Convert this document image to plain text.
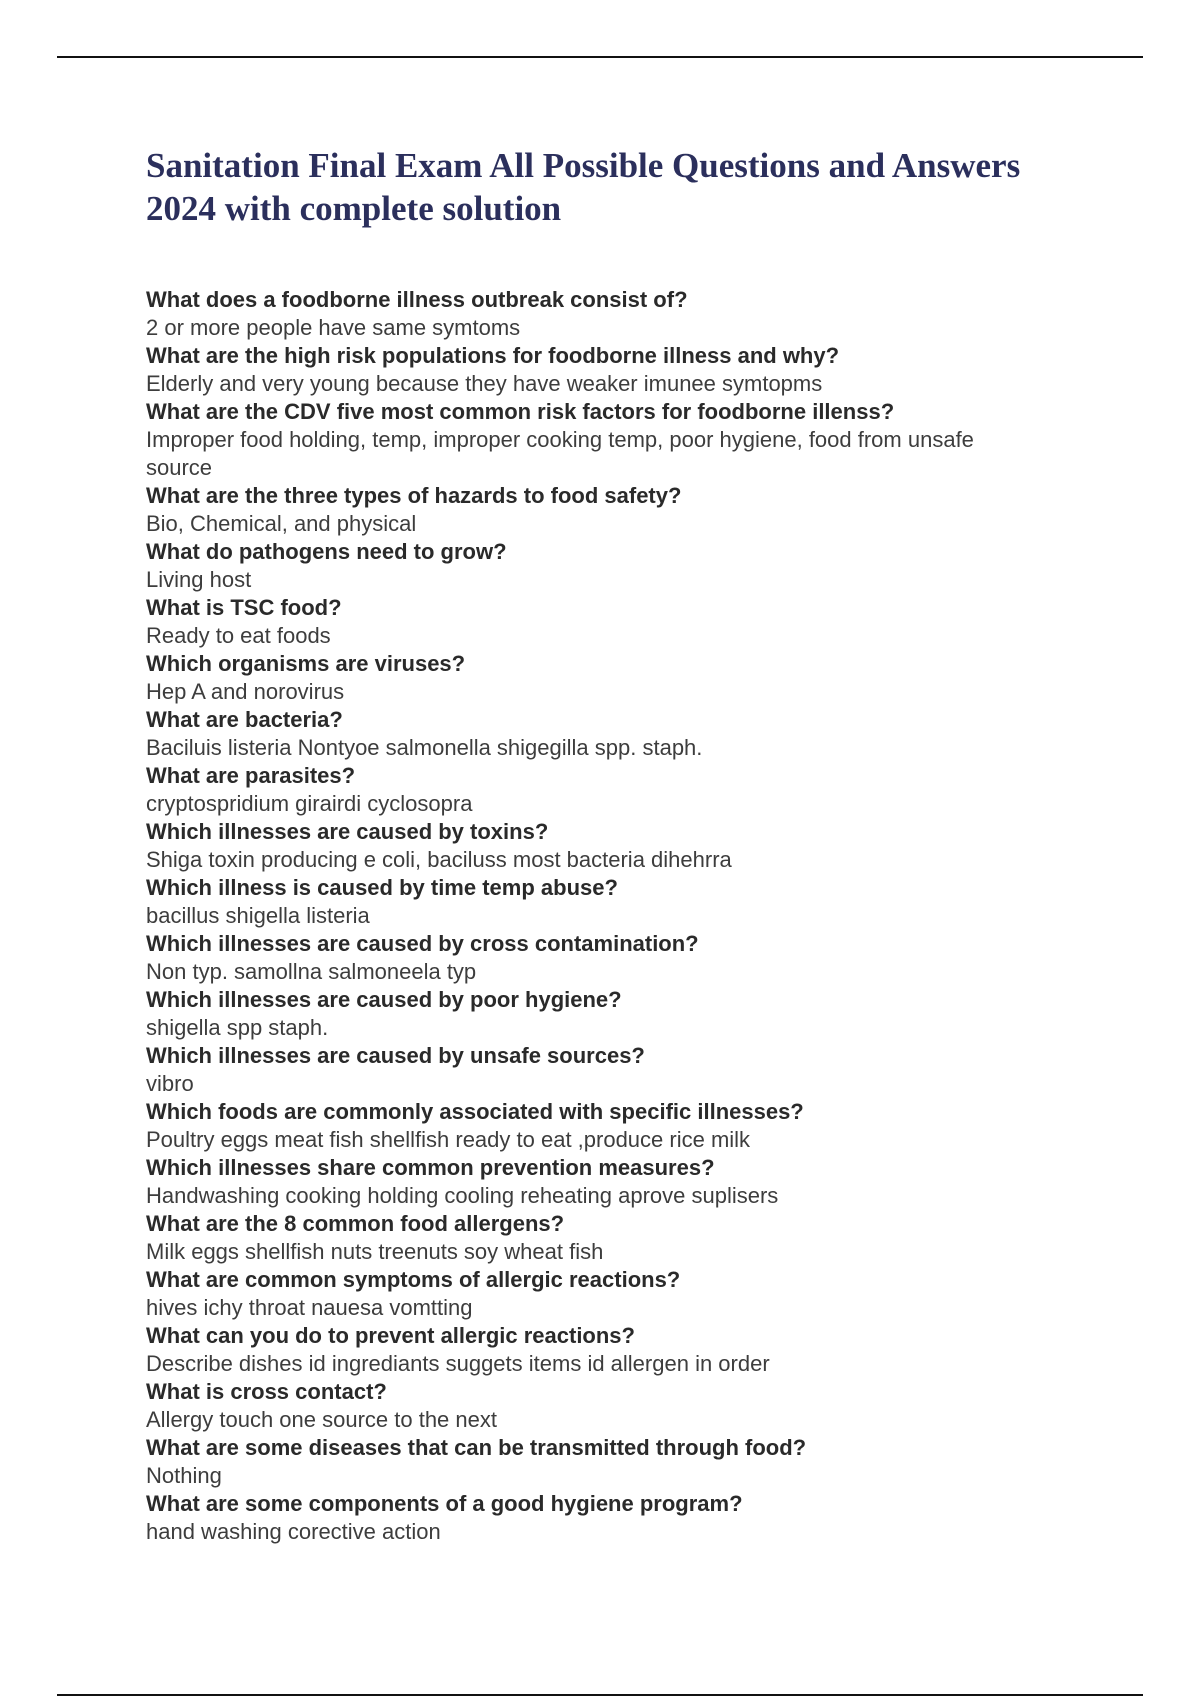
Sanitation Final Exam All Possible Questions and Answers 2024 with complete solution

What does a foodborne illness outbreak consist of?

2 or more people have same symtoms

What are the high risk populations for foodborne illness and why?

Elderly and very young because they have weaker imunee symtopms

What are the CDV five most common risk factors for foodborne illenss?

Improper food holding, temp, improper cooking temp, poor hygiene, food from unsafe source

What are the three types of hazards to food safety?

Bio, Chemical, and physical

What do pathogens need to grow?

Living host

What is TSC food?

Ready to eat foods

Which organisms are viruses?

Hep A and norovirus

What are bacteria?

Baciluis listeria Nontyoe salmonella shigegilla spp. staph.

What are parasites?

cryptospridium girairdi cyclosopra

Which illnesses are caused by toxins?

Shiga toxin producing e coli, baciluss most bacteria dihehrra

Which illness is caused by time temp abuse?

bacillus shigella listeria

Which illnesses are caused by cross contamination?

Non typ. samollna salmoneela typ

Which illnesses are caused by poor hygiene?

shigella spp staph.

Which illnesses are caused by unsafe sources?

vibro

Which foods are commonly associated with specific illnesses?

Poultry eggs meat fish shellfish ready to eat ,produce rice milk

Which illnesses share common prevention measures?

Handwashing cooking holding cooling reheating aprove suplisers

What are the 8 common food allergens?

Milk eggs shellfish nuts treenuts soy wheat fish

What are common symptoms of allergic reactions?

hives ichy throat nauesa vomtting

What can you do to prevent allergic reactions?

Describe dishes id ingrediants suggets items id allergen in order

What is cross contact?

Allergy touch one source to the next

What are some diseases that can be transmitted through food?

Nothing

What are some components of a good hygiene program?

hand washing corective action
